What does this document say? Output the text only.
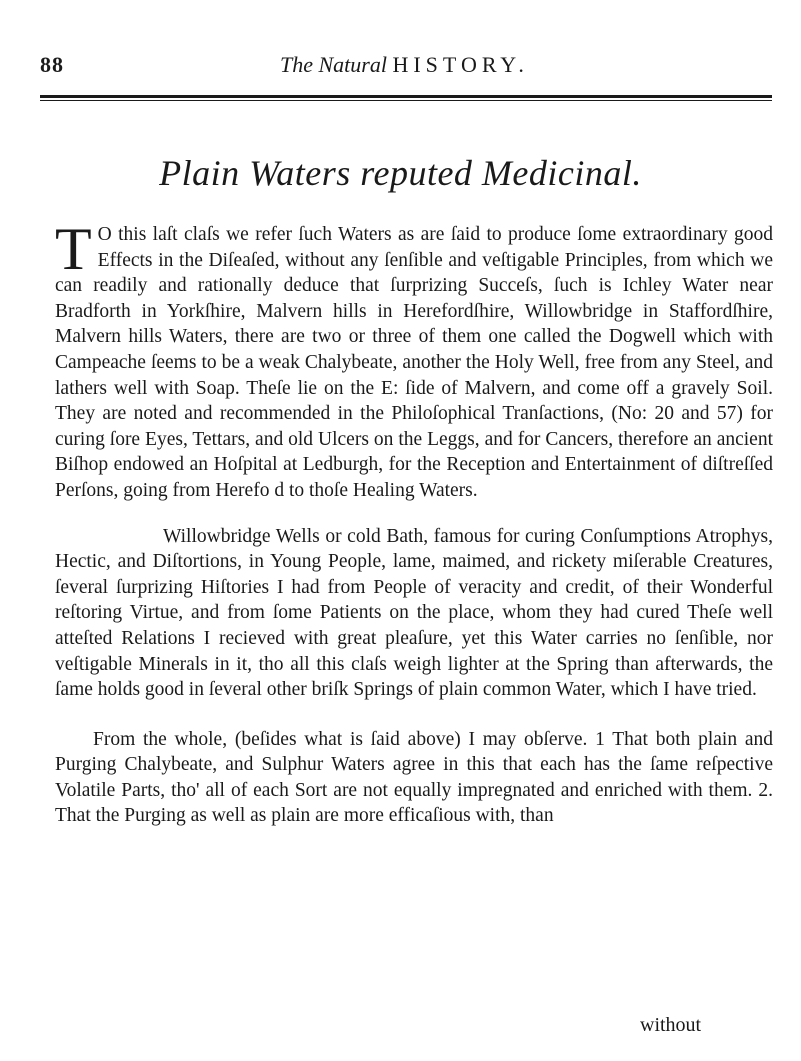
88	The Natural HISTORY.
Plain Waters reputed Medicinal.

T O this laſt claſs we refer ſuch Waters as are ſaid to produce ſome extraordinary good Effects in the Diſeaſed, without any ſenſible and veſtigable Principles, from which we can readily and rationally deduce that ſurprizing Succeſs, ſuch is Ichley Water near Bradforth in Yorkſhire, Malvern hills in Herefordſhire, Willowbridge in Staffordſhire, Malvern hills Waters, there are two or three of them one called the Dogwell which with Campeache ſeems to be a weak Chalybeate, another the Holy Well, free from any Steel, and lathers well with Soap. Theſe lie on the E: ſide of Malvern, and come off a gravely Soil. They are noted and recommended in the Philoſophical Tranſactions, (No: 20 and 57) for curing ſore Eyes, Tettars, and old Ulcers on the Leggs, and for Cancers, therefore an ancient Biſhop endowed an Hoſpital at Ledburgh, for the Reception and Entertainment of diſtreſſed Perſons, going from Herefo d to thoſe Healing Waters.

Willowbridge Wells or cold Bath, famous for curing Conſumptions Atrophys, Hectic, and Diſtortions, in Young People, lame, maimed, and rickety miſerable Creatures, ſeveral ſurprizing Hiſtories I had from People of veracity and credit, of their Wonderful reſtoring Virtue, and from ſome Patients on the place, whom they had cured Theſe well atteſted Relations I recieved with great pleaſure, yet this Water carries no ſenſible, nor veſtigable Minerals in it, tho all this claſs weigh lighter at the Spring than afterwards, the ſame holds good in ſeveral other briſk Springs of plain common Water, which I have tried.

From the whole, (beſides what is ſaid above) I may obſerve. 1 That both plain and Purging Chalybeate, and Sulphur Waters agree in this that each has the ſame reſpective Volatile Parts, tho' all of each Sort are not equally impregnated and enriched with them. 2. That the Purging as well as plain are more efficaſious with, than

without
